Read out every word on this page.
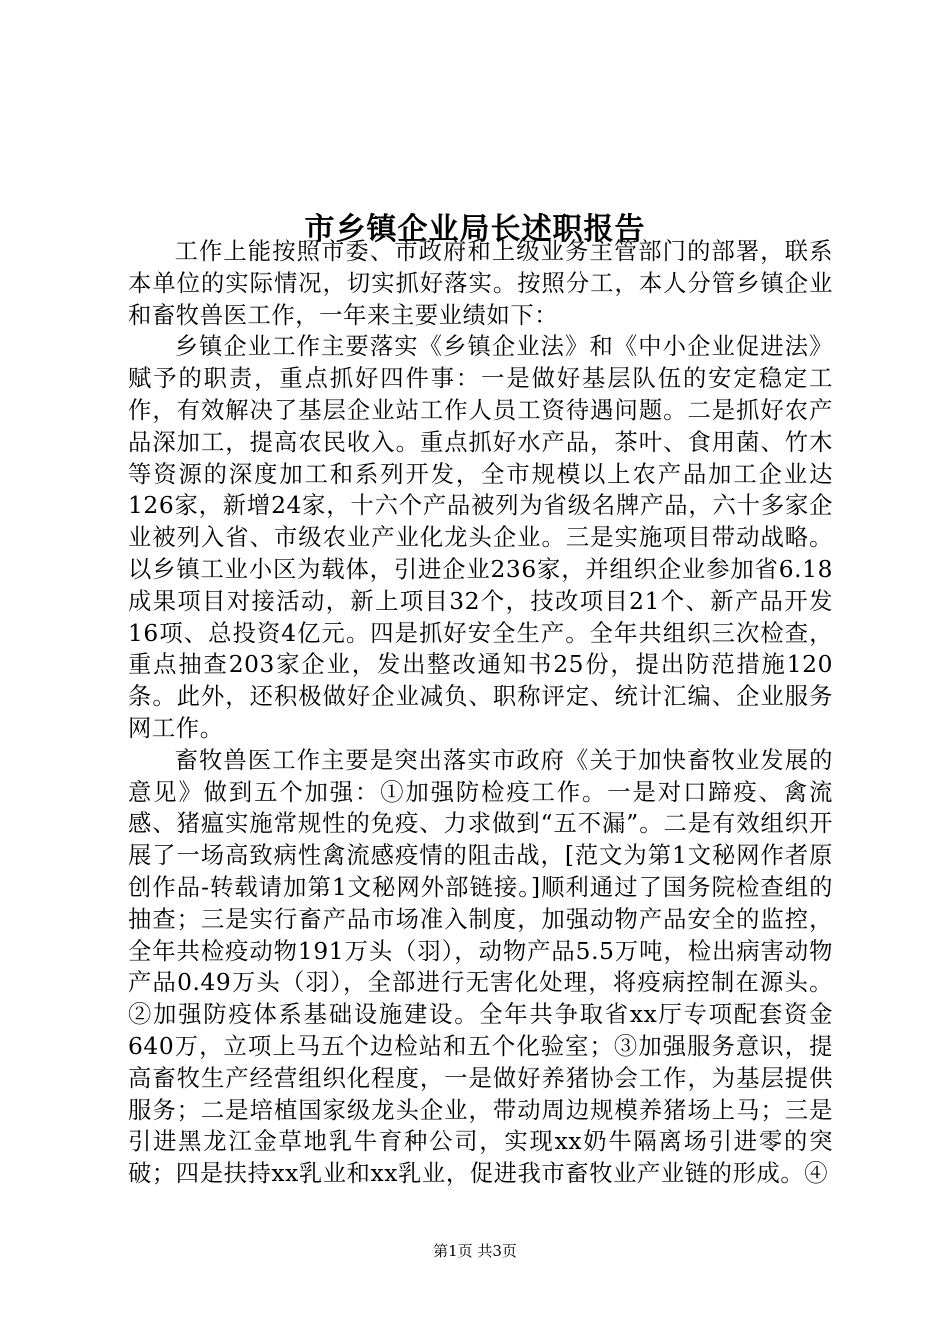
市乡镇企业局长述职报告

工作上能按照市委、市政府和上级业务主管部门的部署，联系本单位的实际情况，切实抓好落实。按照分工，本人分管乡镇企业和畜牧兽医工作，一年来主要业绩如下：

乡镇企业工作主要落实《乡镇企业法》和《中小企业促进法》赋予的职责，重点抓好四件事：一是做好基层队伍的安定稳定工作，有效解决了基层企业站工作人员工资待遇问题。二是抓好农产品深加工，提高农民收入。重点抓好水产品，茶叶、食用菌、竹木等资源的深度加工和系列开发，全市规模以上农产品加工企业达126家，新增24家，十六个产品被列为省级名牌产品，六十多家企业被列入省、市级农业产业化龙头企业。三是实施项目带动战略。以乡镇工业小区为载体，引进企业236家，并组织企业参加省6.18成果项目对接活动，新上项目32个，技改项目21个、新产品开发16项、总投资4亿元。四是抓好安全生产。全年共组织三次检查，重点抽查203家企业，发出整改通知书25份，提出防范措施120条。此外，还积极做好企业减负、职称评定、统计汇编、企业服务网工作。

畜牧兽医工作主要是突出落实市政府《关于加快畜牧业发展的意见》做到五个加强：①加强防检疫工作。一是对口蹄疫、禽流感、猪瘟实施常规性的免疫、力求做到“五不漏”。二是有效组织开展了一场高致病性禽流感疫情的阻击战，[范文为第1文秘网作者原创作品-转载请加第1文秘网外部链接。]顺利通过了国务院检查组的抽查；三是实行畜产品市场准入制度，加强动物产品安全的监控，全年共检疫动物191万头（羽），动物产品5.5万吨，检出病害动物产品0.49万头（羽），全部进行无害化处理，将疫病控制在源头。②加强防疫体系基础设施建设。全年共争取省xx厅专项配套资金640万，立项上马五个边检站和五个化验室；③加强服务意识，提高畜牧生产经营组织化程度，一是做好养猪协会工作，为基层提供服务；二是培植国家级龙头企业，带动周边规模养猪场上马；三是引进黑龙江金草地乳牛育种公司，实现xx奶牛隔离场引进零的突破；四是扶持xx乳业和xx乳业，促进我市畜牧业产业链的形成。④

第1页 共3页
